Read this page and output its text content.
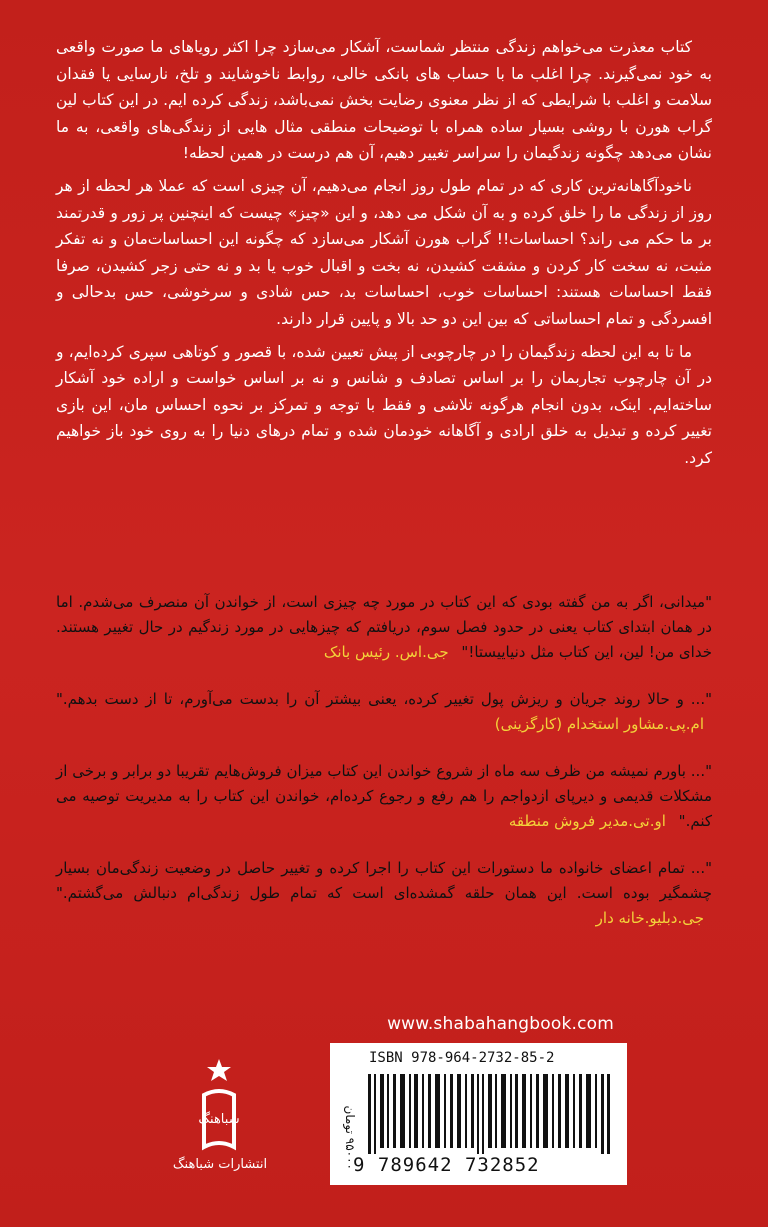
کتاب معذرت می‌خواهم زندگی منتظر شماست، آشکار می‌سازد چرا اکثر رویاهای ما صورت واقعی به خود نمی‌گیرند. چرا اغلب ما با حساب های بانکی خالی، روابط ناخوشایند و تلخ، نارسایی یا فقدان سلامت و اغلب با شرایطی که از نظر معنوی رضایت بخش نمی‌باشد، زندگی کرده ایم. در این کتاب لین گراب هورن با روشی بسیار ساده همراه با توضیحات منطقی مثال هایی از زندگی‌های واقعی، به ما نشان می‌دهد چگونه زندگیمان را سراسر تغییر دهیم، آن هم درست در همین لحظه!

ناخودآگاهانه‌ترین کاری که در تمام طول روز انجام می‌دهیم، آن چیزی است که عملا هر لحظه از هر روز از زندگی ما را خلق کرده و به آن شکل می دهد، و این «چیز» چیست که اینچنین پر زور و قدرتمند بر ما حکم می راند؟ احساسات!! گراب هورن آشکار می‌سازد که چگونه این احساسات‌مان و نه تفکر مثبت، نه سخت کار کردن و مشقت کشیدن، نه بخت و اقبال خوب یا بد و نه حتی زجر کشیدن، صرفا فقط احساسات هستند: احساسات خوب، احساسات بد، حس شادی و سرخوشی، حس بدحالی و افسردگی و تمام احساساتی که بین این دو حد بالا و پایین قرار دارند.

ما تا به این لحظه زندگیمان را در چارچوبی از پیش تعیین شده، با قصور و کوتاهی سپری کرده‌ایم، و در آن چارچوب تجاربمان را بر اساس تصادف و شانس و نه بر اساس خواست و اراده خود آشکار ساخته‌ایم. اینک، بدون انجام هرگونه تلاشی و فقط با توجه و تمرکز بر نحوه احساس مان، این بازی تغییر کرده و تبدیل به خلق ارادی و آگاهانه خودمان شده و تمام درهای دنیا را به روی خود باز خواهیم کرد.

"میدانی، اگر به من گفته بودی که این کتاب در مورد چه چیزی است، از خواندن آن منصرف می‌شدم. اما در همان ابتدای کتاب یعنی در حدود فصل سوم، دریافتم که چیزهایی در مورد زندگیم در حال تغییر هستند. خدای من! لین، این کتاب مثل دنیاییستا!" جی.اس. رئیس بانک
"... و حالا روند جریان و ریزش پول تغییر کرده، یعنی بیشتر آن را بدست می‌آورم، تا از دست بدهم." ام.پی.مشاور استخدام (کارگزینی)
"... باورم نمیشه من ظرف سه ماه از شروع خواندن این کتاب میزان فروش‌هایم تقریبا دو برابر و برخی از مشکلات قدیمی و دیرپای ازدواجم را هم رفع و رجوع کرده‌ام، خواندن این کتاب را به مدیریت توصیه می کنم." او.تی.مدیر فروش منطقه
"... تمام اعضای خانواده ما دستورات این کتاب را اجرا کرده و تغییر حاصل در وضعیت زندگی‌مان بسیار چشمگیر بوده است. این همان حلقه گمشده‌ای است که تمام طول زندگی‌ام دنبالش می‌گشتم." جی.دبلیو.خانه دار
www.shabahangbook.com
شباهنگ
انتشارات شباهنگ
۹۵۰۰۰ تومان
ISBN 978-964-2732-85-2
9 789642 732852
